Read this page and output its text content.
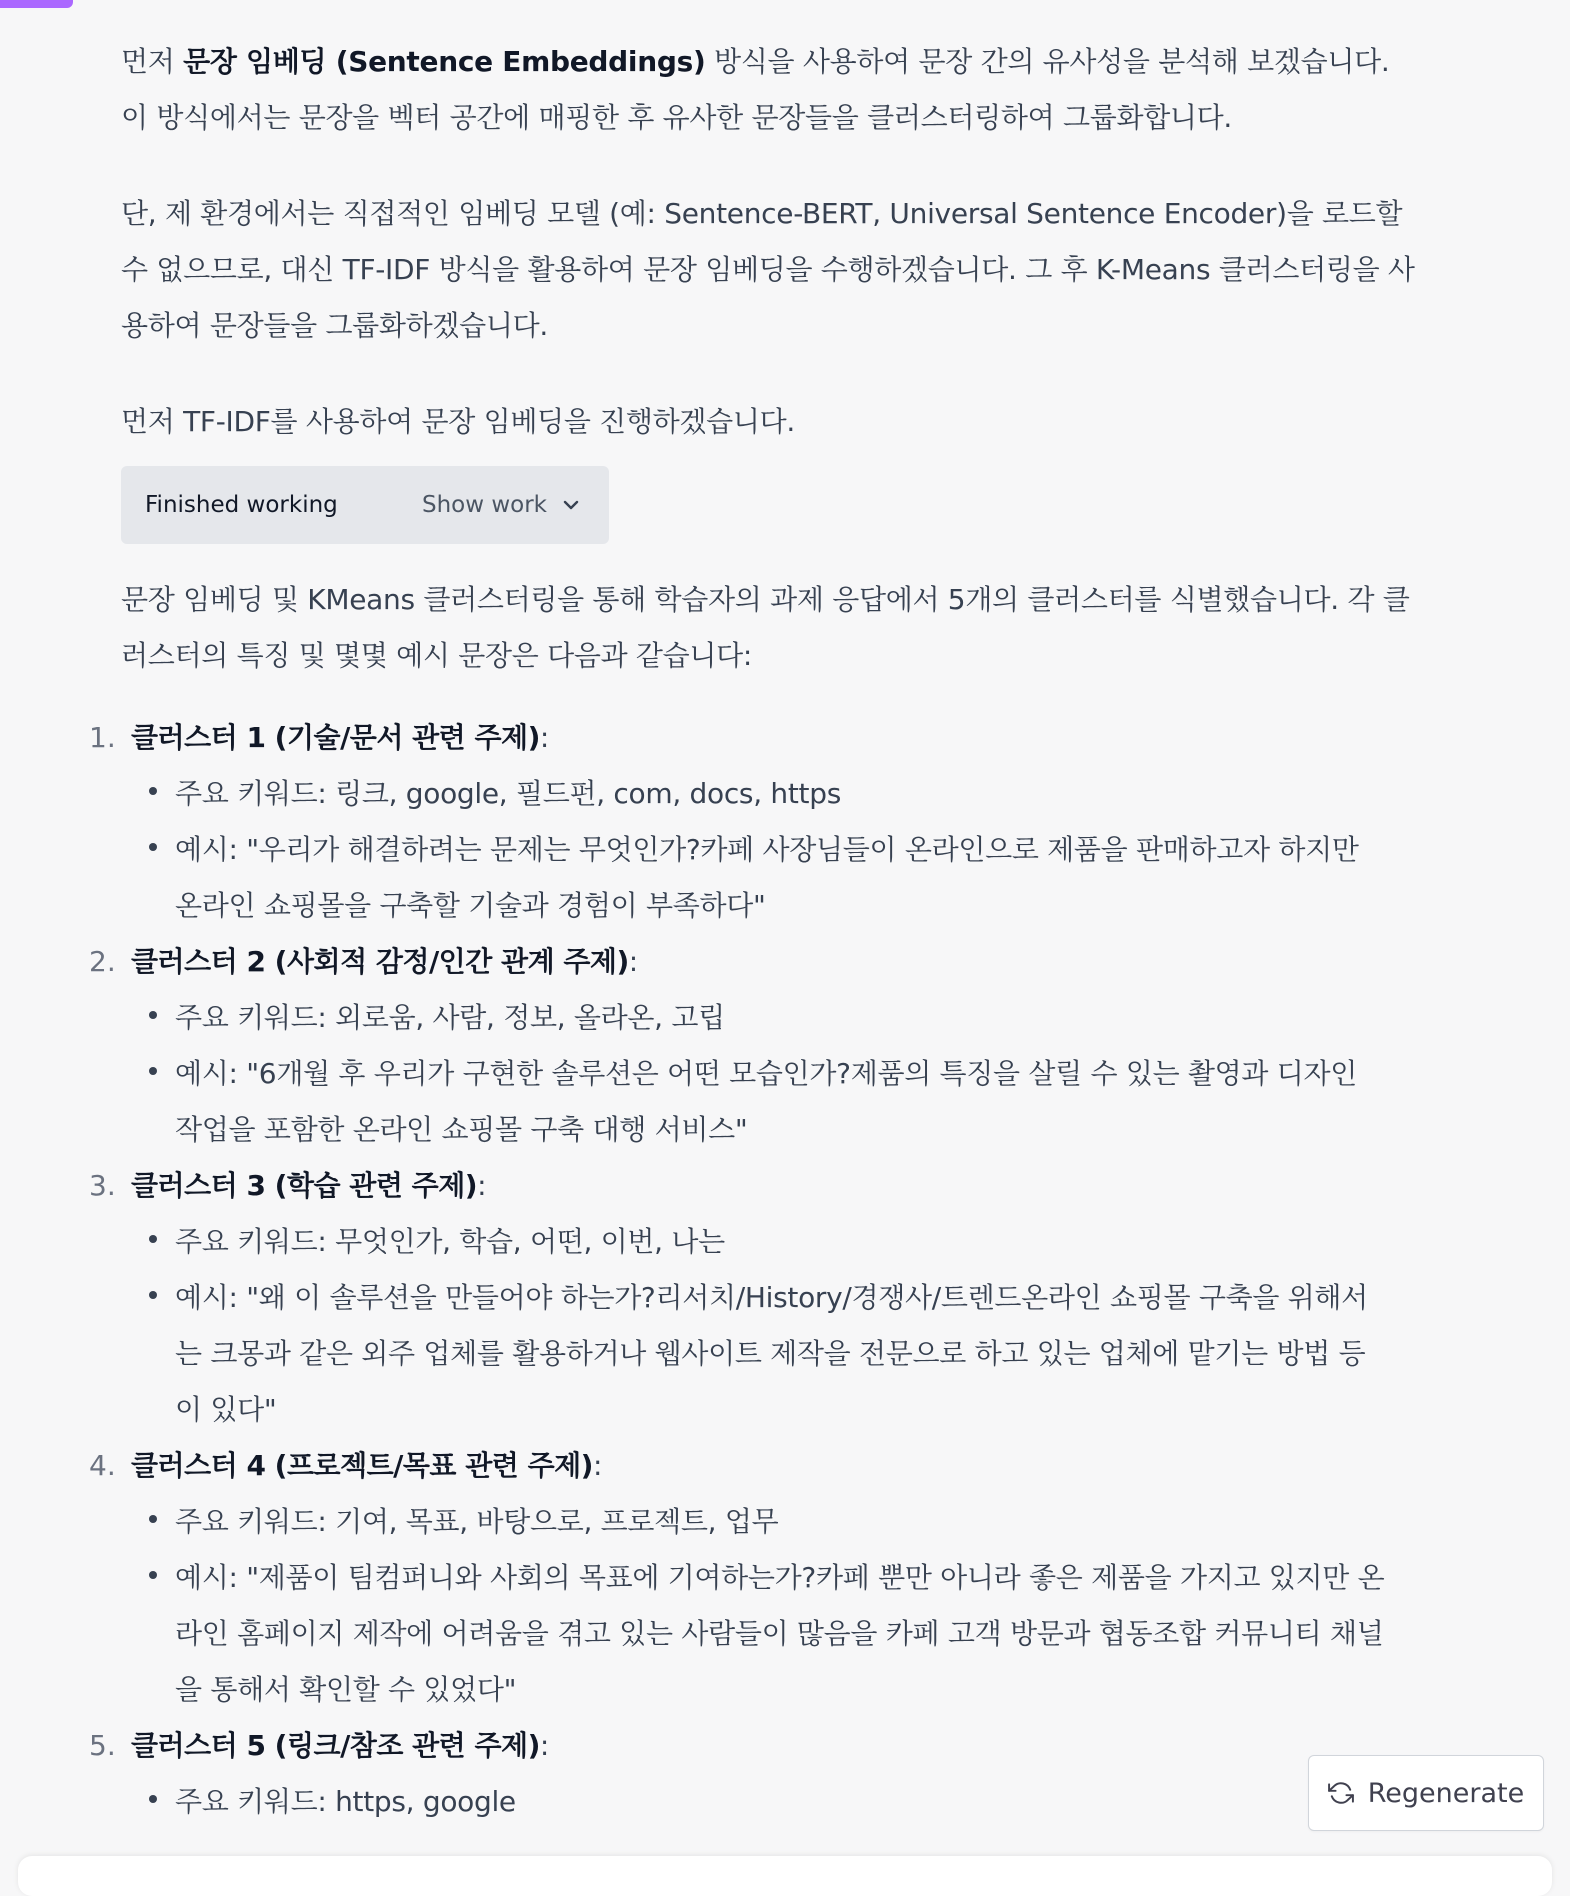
먼저 문장 임베딩 (Sentence Embeddings) 방식을 사용하여 문장 간의 유사성을 분석해 보겠습니다. 이 방식에서는 문장을 벡터 공간에 매핑한 후 유사한 문장들을 클러스터링하여 그룹화합니다.

단, 제 환경에서는 직접적인 임베딩 모델 (예: Sentence-BERT, Universal Sentence Encoder)을 로드할 수 없으므로, 대신 TF-IDF 방식을 활용하여 문장 임베딩을 수행하겠습니다. 그 후 K-Means 클러스터링을 사용하여 문장들을 그룹화하겠습니다.

먼저 TF-IDF를 사용하여 문장 임베딩을 진행하겠습니다.

Finished working	Show work

문장 임베딩 및 KMeans 클러스터링을 통해 학습자의 과제 응답에서 5개의 클러스터를 식별했습니다. 각 클러스터의 특징 및 몇몇 예시 문장은 다음과 같습니다:

1. 클러스터 1 (기술/문서 관련 주제):
주요 키워드: 링크, google, 필드펀, com, docs, https
예시: "우리가 해결하려는 문제는 무엇인가?카페 사장님들이 온라인으로 제품을 판매하고자 하지만 온라인 쇼핑몰을 구축할 기술과 경험이 부족하다"
2. 클러스터 2 (사회적 감정/인간 관계 주제):
주요 키워드: 외로움, 사람, 정보, 올라온, 고립
예시: "6개월 후 우리가 구현한 솔루션은 어떤 모습인가?제품의 특징을 살릴 수 있는 촬영과 디자인 작업을 포함한 온라인 쇼핑몰 구축 대행 서비스"
3. 클러스터 3 (학습 관련 주제):
주요 키워드: 무엇인가, 학습, 어떤, 이번, 나는
예시: "왜 이 솔루션을 만들어야 하는가?리서치/History/경쟁사/트렌드온라인 쇼핑몰 구축을 위해서는 크몽과 같은 외주 업체를 활용하거나 웹사이트 제작을 전문으로 하고 있는 업체에 맡기는 방법 등이 있다"
4. 클러스터 4 (프로젝트/목표 관련 주제):
주요 키워드: 기여, 목표, 바탕으로, 프로젝트, 업무
예시: "제품이 팀컴퍼니와 사회의 목표에 기여하는가?카페 뿐만 아니라 좋은 제품을 가지고 있지만 온라인 홈페이지 제작에 어려움을 겪고 있는 사람들이 많음을 카페 고객 방문과 협동조합 커뮤니티 채널을 통해서 확인할 수 있었다"
5. 클러스터 5 (링크/참조 관련 주제):
주요 키워드: https, google	Regenerate
